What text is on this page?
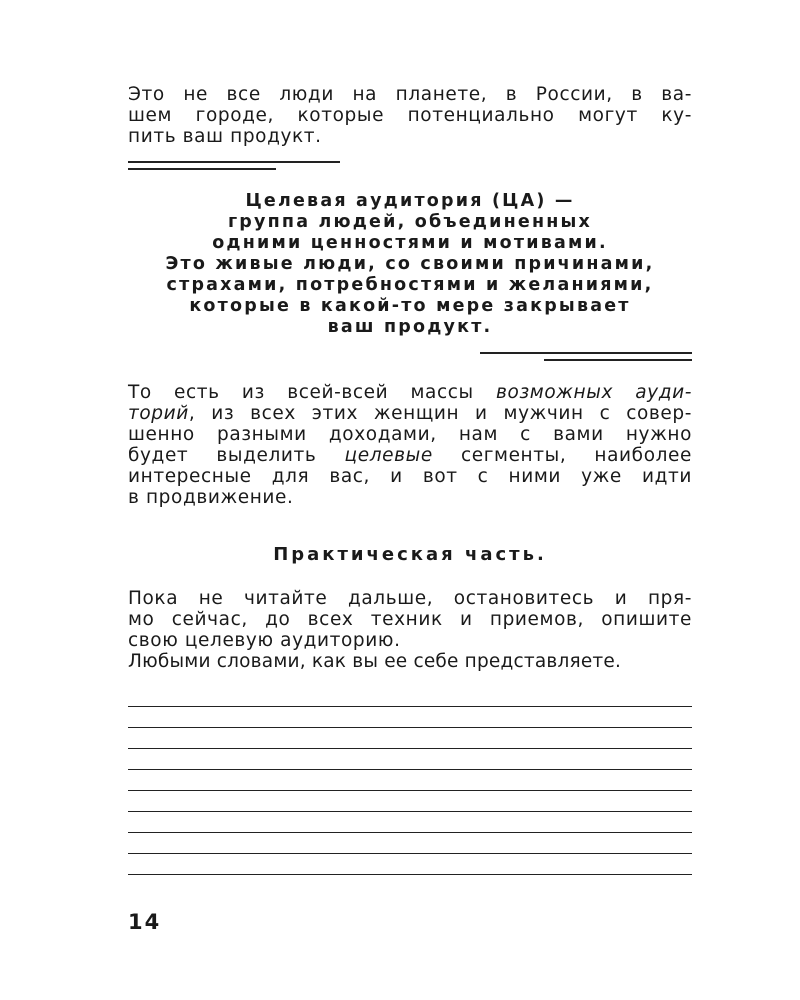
Это не все люди на планете, в России, в ва-
шем городе, которые потенциально могут ку-
пить ваш продукт.

Целевая аудитория (ЦА) —
группа людей, объединенных
одними ценностями и мотивами.
Это живые люди, со своими причинами,
страхами, потребностями и желаниями,
которые в какой-то мере закрывает
ваш продукт.

То есть из всей-всей массы возможных ауди-
торий, из всех этих женщин и мужчин с совер-
шенно разными доходами, нам с вами нужно
будет выделить целевые сегменты, наиболее
интересные для вас, и вот с ними уже идти
в продвижение.

Практическая часть.

Пока не читайте дальше, остановитесь и пря-
мо сейчас, до всех техник и приемов, опишите
свою целевую аудиторию.
Любыми словами, как вы ее себе представляете.

14
